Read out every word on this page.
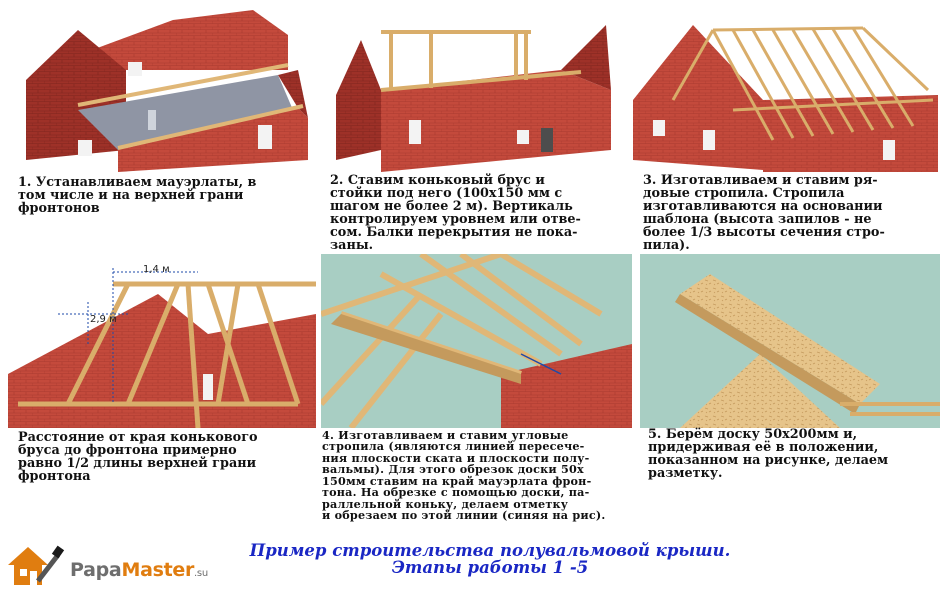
1. Устанавливаем мауэрлаты, в
том числе и на верхней грани
фронтонов
2. Ставим коньковый брус и
стойки под него (100х150 мм с
шагом не более 2 м). Вертикаль
контролируем уровнем или отве-
сом. Балки перекрытия не пока-
заны.
3. Изготавливаем и ставим ря-
довые стропила. Стропила
изготавливаются на основании
шаблона (высота запилов - не
более 1/3 высоты сечения стро-
пила).
1,4 м
2,9 м
Расстояние от края конькового
бруса до фронтона примерно
равно 1/2 длины верхней грани
фронтона
4. Изготавливаем и ставим угловые
стропила (являются линией пересече-
ния плоскости ската и плоскости полу-
вальмы). Для этого обрезок доски 50х
150мм ставим на край мауэрлата фрон-
тона. На обрезке с помощью доски, па-
раллельной коньку, делаем отметку
и обрезаем по этой линии (синяя на рис).
5. Берём доску 50х200мм и,
придерживая её в положении,
показанном на рисунке, делаем
разметку.
PapaMaster.su
Пример строительства полувальмовой крыши.
Этапы работы 1 -5
